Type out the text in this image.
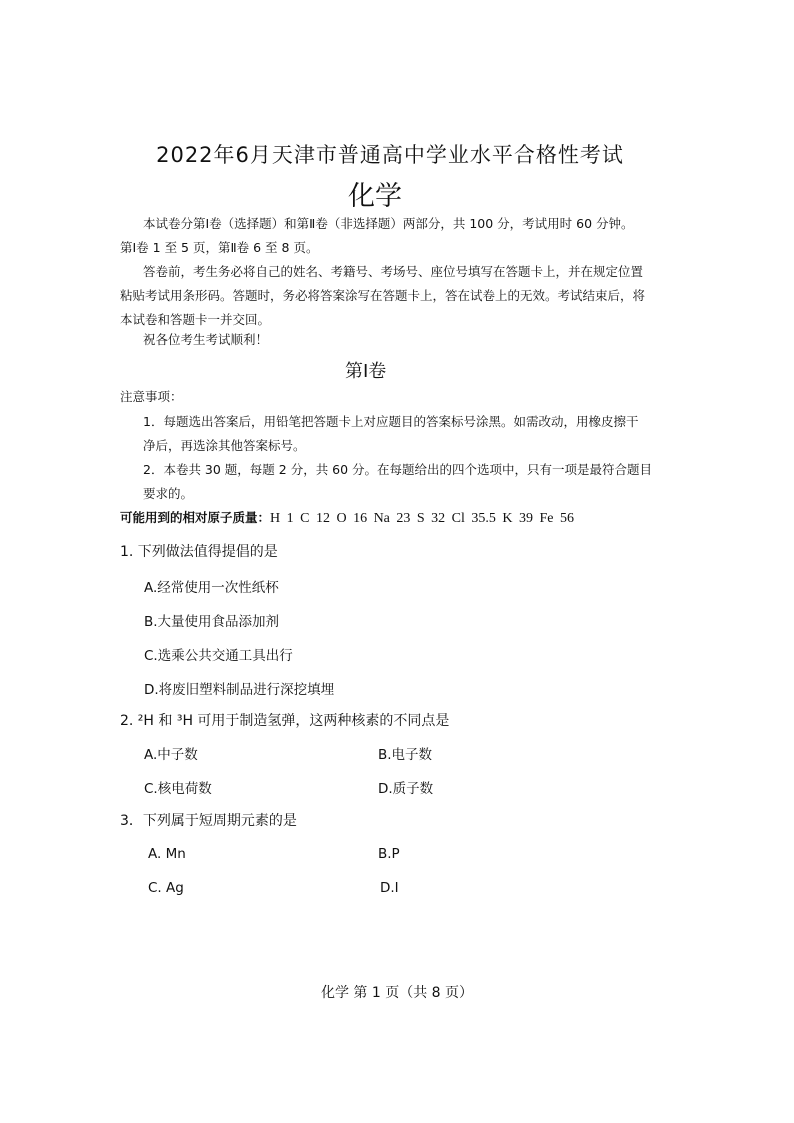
2022年6月天津市普通高中学业水平合格性考试
化学
本试卷分第Ⅰ卷（选择题）和第Ⅱ卷（非选择题）两部分，共 100 分，考试用时 60 分钟。
第Ⅰ卷 1 至 5 页，第Ⅱ卷 6 至 8 页。
答卷前，考生务必将自己的姓名、考籍号、考场号、座位号填写在答题卡上，并在规定位置
粘贴考试用条形码。答题时，务必将答案涂写在答题卡上，答在试卷上的无效。考试结束后，将
本试卷和答题卡一并交回。
祝各位考生考试顺利！
第Ⅰ卷
注意事项：
1．每题选出答案后，用铅笔把答题卡上对应题目的答案标号涂黑。如需改动，用橡皮擦干
净后，再选涂其他答案标号。
2．本卷共 30 题，每题 2 分，共 60 分。在每题给出的四个选项中，只有一项是最符合题目
要求的。
可能用到的相对原子质量：H 1 C 12 O 16 Na 23 S 32 Cl 35.5 K 39 Fe 56
1. 下列做法值得提倡的是
A.经常使用一次性纸杯
B.大量使用食品添加剂
C.选乘公共交通工具出行
D.将废旧塑料制品进行深挖填埋
2. ²H 和 ³H 可用于制造氢弹，这两种核素的不同点是
A.中子数	B.电子数
C.核电荷数	D.质子数
3．下列属于短周期元素的是
A. Mn	B.P
C. Ag	D.I
化学 第 1 页（共 8 页）
